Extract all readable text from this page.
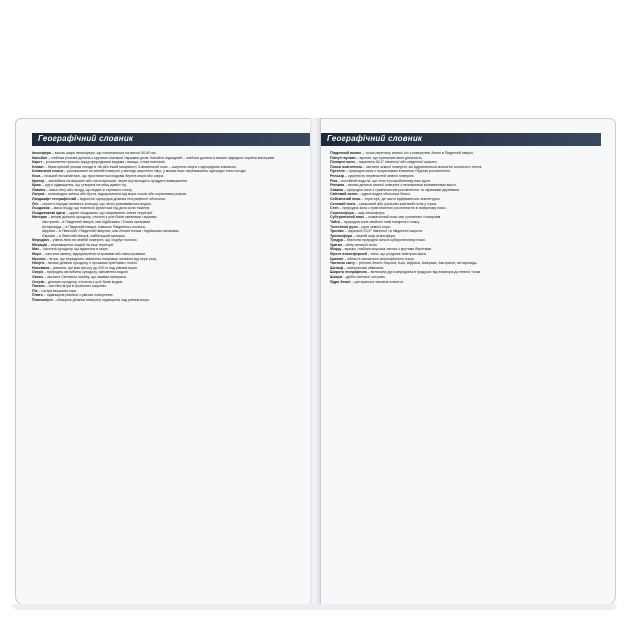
Географічний словник

Іоносфера – високі шари атмосфери, що починаються на висоті 50-60 км.

Каньйон – глибока річкова долина з крутими схилами і вузьким дном. Каньйон підводний – глибока долина в межах підводної окраїни материків

Карст – розчинення гірських порід природними водами і явища, з ним пов'язані.

Клімат – багаторічний режим погоди в тій або іншій місцевості. Кліматичний пояс – широтна смуга з однорідним кліматом.

Кліматичні пояси – розташовані на земній поверхні у вигляді широтних смуг, у межах яких переважають однорідні типи погоди.

Коса – низький пісчаний вал, що простягається вздовж берега моря або озера.

Кратер – заглибина на вершині або схилі вулкана, через яку виходять продукти виверження.

Кряж – круті підвищення, що утворені на місці давніх гір.

Лавина – маса снігу або льоду, що падає зі стрімкого схилу.

Лагуна – мілководна затока або бухта, відокремлена від моря косою або кораловим рифом.

Ландшафт географічний – відносно однорідна ділянка географічної оболонки.

Лес – пористі породи палевого кольору, що легко розмиваються водою.

Льодовик – маса льоду, що повільно рухається під дією сили тяжіння.

Льодовикові щити – крупні льодовики, що покривають значні території.

Материк – великі ділянки суходолу, оточені з усіх боків океанами і морями.

Австралія – в Південній півкулі, між Індійським і Тихим океанами.

Антарктида – в Південній півкулі, навколо Південного полюса.

Африка – в Північній і Південній півкулях, між Атлантичним і Індійським океанами.

Євразія – в Північній півкулі, найбільший материк.

Меридіан – уявна лінія на земній поверхні, що з'єднує полюси.

Міграція – переміщення людей на інші території.

Мис – частина суходолу, що вдається в море.

Море – частина океану, відокремлена островами або півостровами.

Мусони – вітри, що періодично змінюють напрямок залежно від пори року.

Нагір'я – великі ділянки суходолу з гірськими хребтами і плато.

Низовина – рівнина, що має висоту до 200 м над рівнем моря.

Озеро – природна заглибина суходолу, заповнена водою.

Океан – частина Світового океану, що омиває материки.

Острів – ділянка суходолу, оточена з усіх боків водою.

Пасати – постійні вітри в тропічних широтах.

Пік – гостра вершина гори.

Плато – підвищена рівнина з рівною поверхнею.

Плоскогір'я – обширна ділянка поверхні, підвищена над рівнем моря.

Географічний словник

Південний полюс – точка перетину земної осі з поверхнею Землі в Південній півкулі.

Пікнуті вулкан – вулкан, що припинив свою діяльність.

Полярне коло – паралель 66,5° північної або південної широти.

Пояси освітлення – частини земної поверхні, які відрізняються кількістю сонячного тепла.

Пустеля – природна зона з посушливим кліматом і бідною рослинністю.

Рельєф – сукупність нерівностей земної поверхні.

Ріка – постійний водотік, що тече в розробленому ним руслі.

Рівнина – великі ділянки земної поверхні з незначними коливаннями висот.

Савана – природна зона з трав'янистою рослинністю та окремими деревами.

Світовий океан – єдина водна оболонка Землі.

Сейсмічний пояс – території, де часто відбуваються землетруси.

Селевий потік – грязьовий або грязьово-кам'яний потік у горах.

Степ – природна зона з трав'янистою рослинністю в помірному поясі.

Стратосфера – шар атмосфери.

Субтропічний пояс – кліматичний пояс між тропічним і помірним.

Тайга – природна зона хвойних лісів помірного поясу.

Тектонічні рухи – рухи земної кори.

Тропіки – паралелі 23,5° північної та південної широти.

Тропосфера – нижній шар атмосфери.

Тундра – безлісна природна зона в субарктичному поясі.

Ураган – вітер великої сили.

Фіорд – вузька, глибока морська затока з крутими берегами.

Фронт атмосферний – зона, що розділяє повітряні маси.

Циклон – область зниженого атмосферного тиску.

Частини світу – регіони Землі: Європа, Азія, Африка, Америка, Австралія, Антарктида.

Шельф – материкова обмілина.

Широта географічна – величина дуги меридіана в градусах від екватора до певної точки.

Шхери – дрібні скелясті острови.

Ядро Землі – центральна частина планети.
